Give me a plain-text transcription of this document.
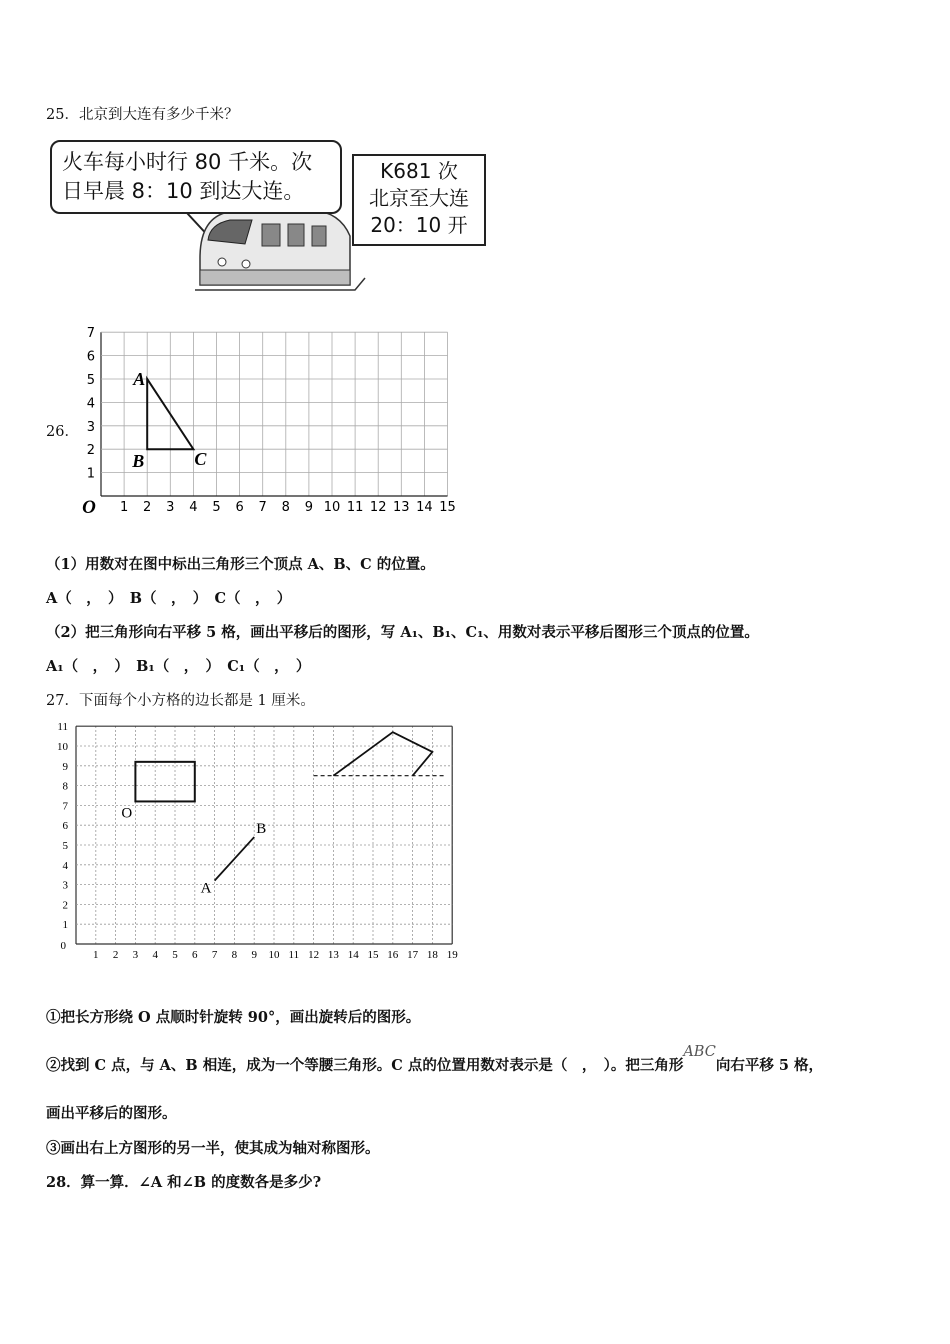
25．北京到大连有多少千米？
火车每小时行 80 千米。次
日早晨 8：10 到达大连。
K681 次
北京至大连
20：10 开
26．
1 2 3 4 5 6 7 8 9 10 11 12 13 14 15
1
2
3
4
5
6
7
O
A
B	C
（1）用数对在图中标出三角形三个顶点 A、B、C 的位置。
A（　，　）　B（　，　）　C（　，　）
（2）把三角形向右平移 5 格，画出平移后的图形，写 A₁、B₁、C₁、用数对表示平移后图形三个顶点的位置。
A₁（　，　）　B₁（　，　）　C₁（　，　）
27．下面每个小方格的边长都是 1 厘米。
1 2 3 4 5 6 7 8 9 10 11 12 13 14 15 16 17 18 19
1
2
3
4
5
6
7
8
9
10
11
0
O
A
B
①把长方形绕 O 点顺时针旋转 90°，画出旋转后的图形。
②找到 C 点，与 A、B 相连，成为一个等腰三角形。C 点的位置用数对表示是（　，　）。把三角形ABC向右平移 5 格，
画出平移后的图形。
③画出右上方图形的另一半，使其成为轴对称图形。
28．算一算．∠A 和∠B 的度数各是多少?
